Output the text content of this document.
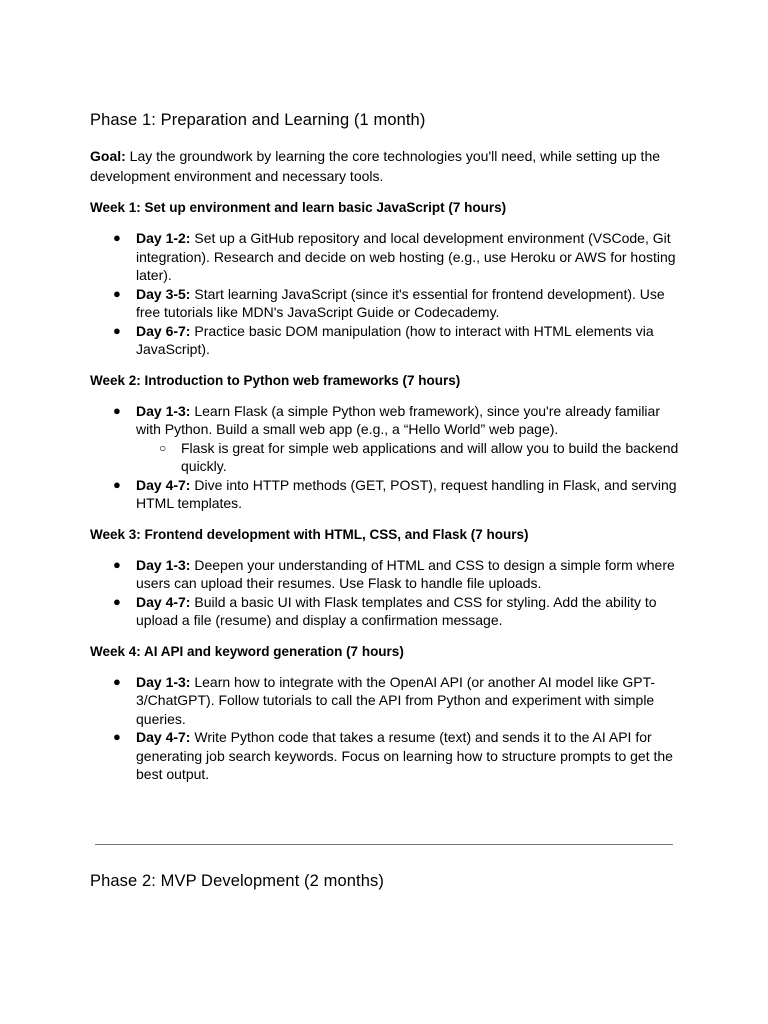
Phase 1: Preparation and Learning (1 month)

Goal: Lay the groundwork by learning the core technologies you'll need, while setting up the development environment and necessary tools.

Week 1: Set up environment and learn basic JavaScript (7 hours)
● Day 1-2: Set up a GitHub repository and local development environment (VSCode, Git integration). Research and decide on web hosting (e.g., use Heroku or AWS for hosting later).
● Day 3-5: Start learning JavaScript (since it's essential for frontend development). Use free tutorials like MDN's JavaScript Guide or Codecademy.
● Day 6-7: Practice basic DOM manipulation (how to interact with HTML elements via JavaScript).
Week 2: Introduction to Python web frameworks (7 hours)
● Day 1-3: Learn Flask (a simple Python web framework), since you're already familiar with Python. Build a small web app (e.g., a “Hello World” web page).
○ Flask is great for simple web applications and will allow you to build the backend quickly.
● Day 4-7: Dive into HTTP methods (GET, POST), request handling in Flask, and serving HTML templates.
Week 3: Frontend development with HTML, CSS, and Flask (7 hours)
● Day 1-3: Deepen your understanding of HTML and CSS to design a simple form where users can upload their resumes. Use Flask to handle file uploads.
● Day 4-7: Build a basic UI with Flask templates and CSS for styling. Add the ability to upload a file (resume) and display a confirmation message.
Week 4: AI API and keyword generation (7 hours)
● Day 1-3: Learn how to integrate with the OpenAI API (or another AI model like GPT-3/ChatGPT). Follow tutorials to call the API from Python and experiment with simple queries.
● Day 4-7: Write Python code that takes a resume (text) and sends it to the AI API for generating job search keywords. Focus on learning how to structure prompts to get the best output.
Phase 2: MVP Development (2 months)
